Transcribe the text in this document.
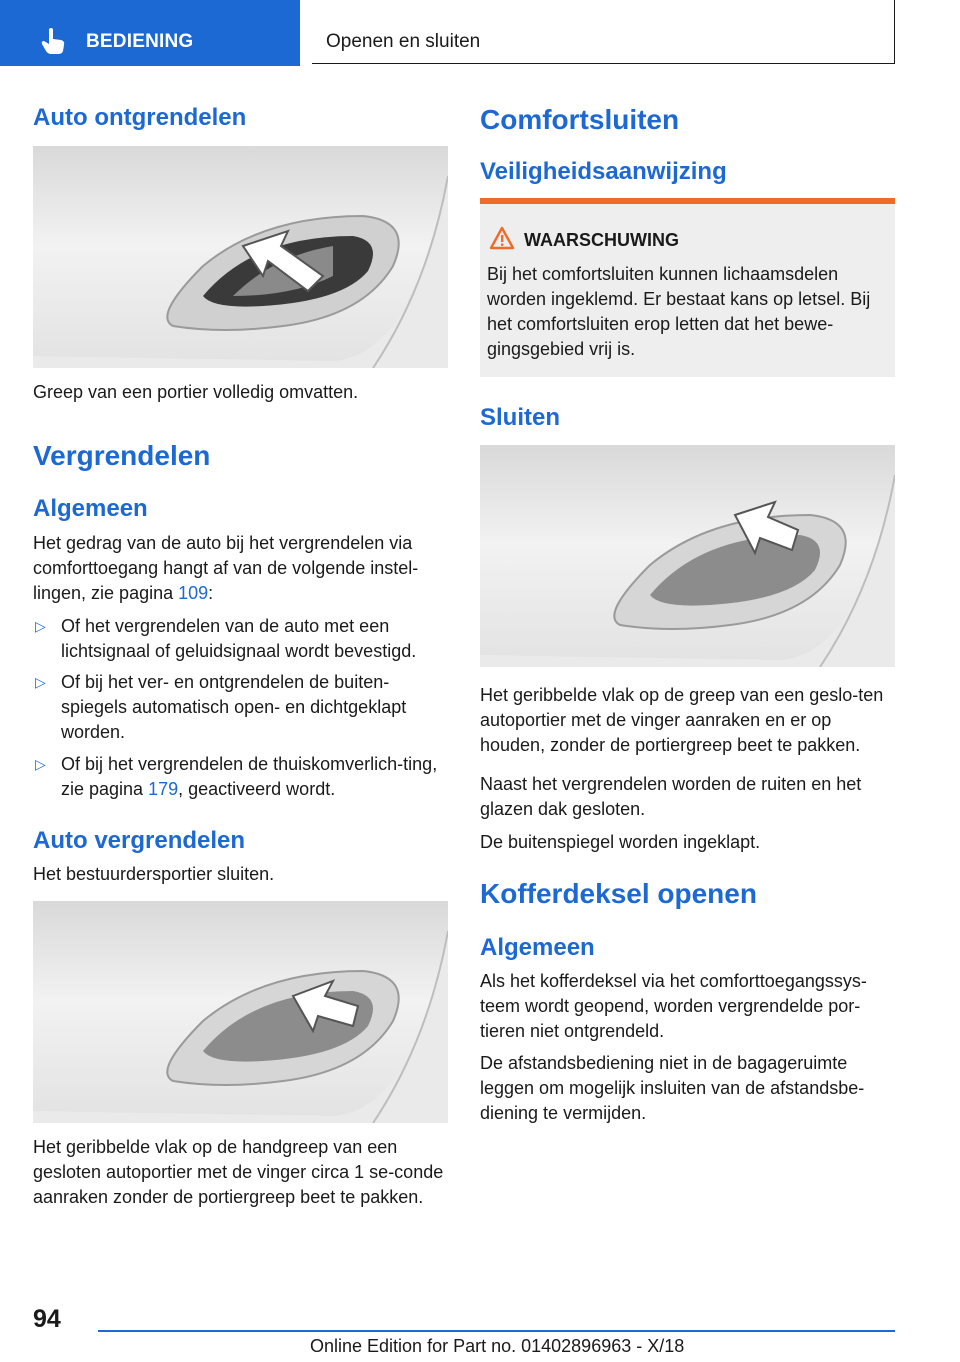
BEDIENING	Openen en sluiten
Auto ontgrendelen

Greep van een portier volledig omvatten.

Vergrendelen
Algemeen

Het gedrag van de auto bij het vergrendelen via comforttoegang hangt af van de volgende instel-lingen, zie pagina 109:

▷ Of het vergrendelen van de auto met een lichtsignaal of geluidsignaal wordt bevestigd.
▷ Of bij het ver- en ontgrendelen de buiten-spiegels automatisch open- en dichtgeklapt worden.
▷ Of bij het vergrendelen de thuiskomverlich-ting, zie pagina 179, geactiveerd wordt.
Auto vergrendelen

Het bestuurdersportier sluiten.

Het geribbelde vlak op de handgreep van een gesloten autoportier met de vinger circa 1 se-conde aanraken zonder de portiergreep beet te pakken.

Comfortsluiten
Veiligheidsaanwijzing
WAARSCHUWING
Bij het comfortsluiten kunnen lichaamsdelen worden ingeklemd. Er bestaat kans op letsel. Bij het comfortsluiten erop letten dat het bewe-gingsgebied vrij is.
Sluiten

Het geribbelde vlak op de greep van een geslo-ten autoportier met de vinger aanraken en er op houden, zonder de portiergreep beet te pakken.

Naast het vergrendelen worden de ruiten en het glazen dak gesloten.

De buitenspiegel worden ingeklapt.

Kofferdeksel openen
Algemeen

Als het kofferdeksel via het comforttoegangssys-teem wordt geopend, worden vergrendelde por-tieren niet ontgrendeld.

De afstandsbediening niet in de bagageruimte leggen om mogelijk insluiten van de afstandsbe-diening te vermijden.

94
Online Edition for Part no. 01402896963 - X/18
